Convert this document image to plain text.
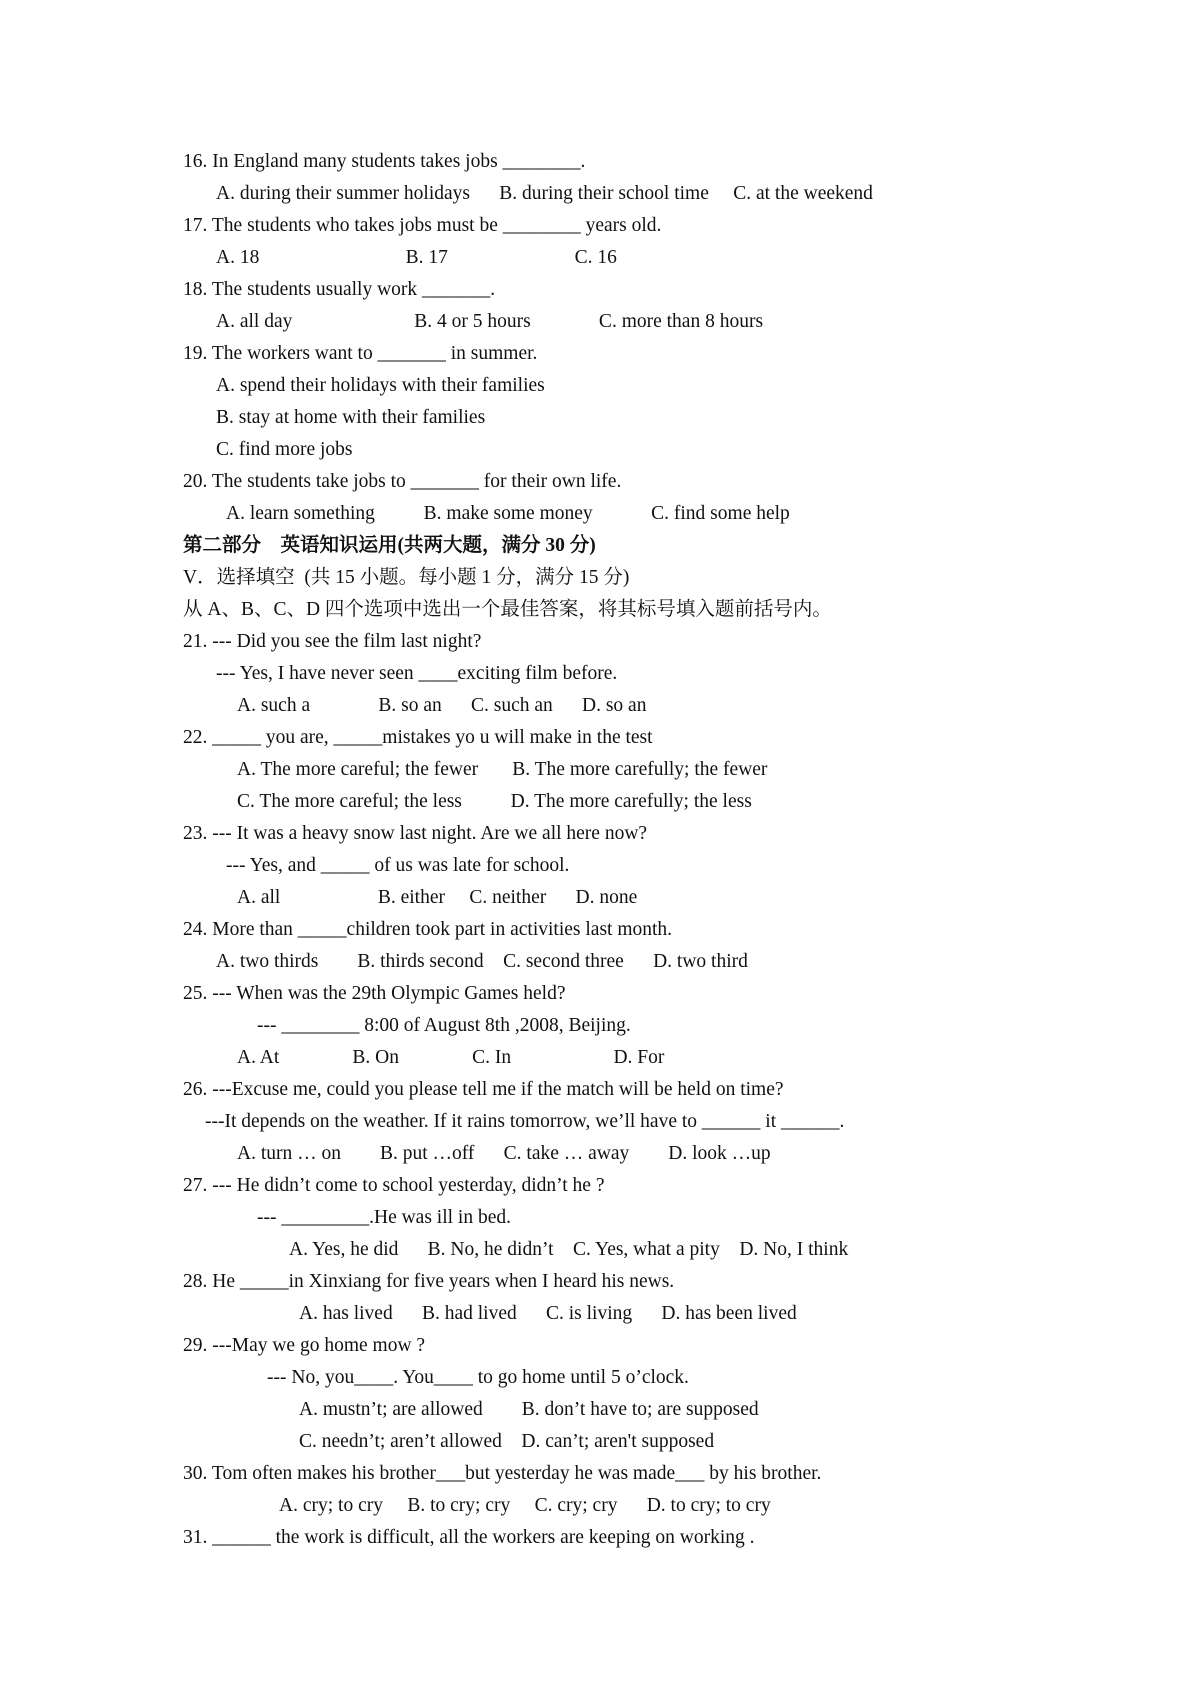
16. In England many students takes jobs ________.
A. during their summer holidays      B. during their school time     C. at the weekend
17. The students who takes jobs must be ________ years old.
A. 18                              B. 17                          C. 16
18. The students usually work _______.
A. all day                         B. 4 or 5 hours              C. more than 8 hours
19. The workers want to _______ in summer.
A. spend their holidays with their families
B. stay at home with their families
C. find more jobs
20. The students take jobs to _______ for their own life.
A. learn something          B. make some money            C. find some help
第二部分　英语知识运用(共两大题，满分 30 分)
V．选择填空  (共 15 小题。每小题 1 分，满分 15 分)
从 A、B、C、D 四个选项中选出一个最佳答案，将其标号填入题前括号内。
21. --- Did you see the film last night?
--- Yes, I have never seen ____exciting film before.
A. such a              B. so an      C. such an      D. so an
22. _____ you are, _____mistakes yo u will make in the test
A. The more careful; the fewer       B. The more carefully; the fewer
C. The more careful; the less          D. The more carefully; the less
23. --- It was a heavy snow last night. Are we all here now?
--- Yes, and _____ of us was late for school.
A. all                    B. either     C. neither      D. none
24. More than _____children took part in activities last month.
A. two thirds        B. thirds second    C. second three      D. two third
25. --- When was the 29th Olympic Games held?
--- ________ 8:00 of August 8th ,2008, Beijing.
A. At               B. On               C. In                     D. For
26. ---Excuse me, could you please tell me if the match will be held on time?
---It depends on the weather. If it rains tomorrow, we’ll have to ______ it ______.
A. turn … on        B. put …off      C. take … away        D. look …up
27. --- He didn’t come to school yesterday, didn’t he ?
--- _________.He was ill in bed.
A. Yes, he did      B. No, he didn’t    C. Yes, what a pity    D. No, I think
28. He _____in Xinxiang for five years when I heard his news.
A. has lived      B. had lived      C. is living      D. has been lived
29. ---May we go home mow ?
--- No, you____. You____ to go home until 5 o’clock.
A. mustn’t; are allowed        B. don’t have to; are supposed
C. needn’t; aren’t allowed    D. can’t; aren't supposed
30. Tom often makes his brother___but yesterday he was made___ by his brother.
A. cry; to cry     B. to cry; cry     C. cry; cry      D. to cry; to cry
31. ______ the work is difficult, all the workers are keeping on working .
